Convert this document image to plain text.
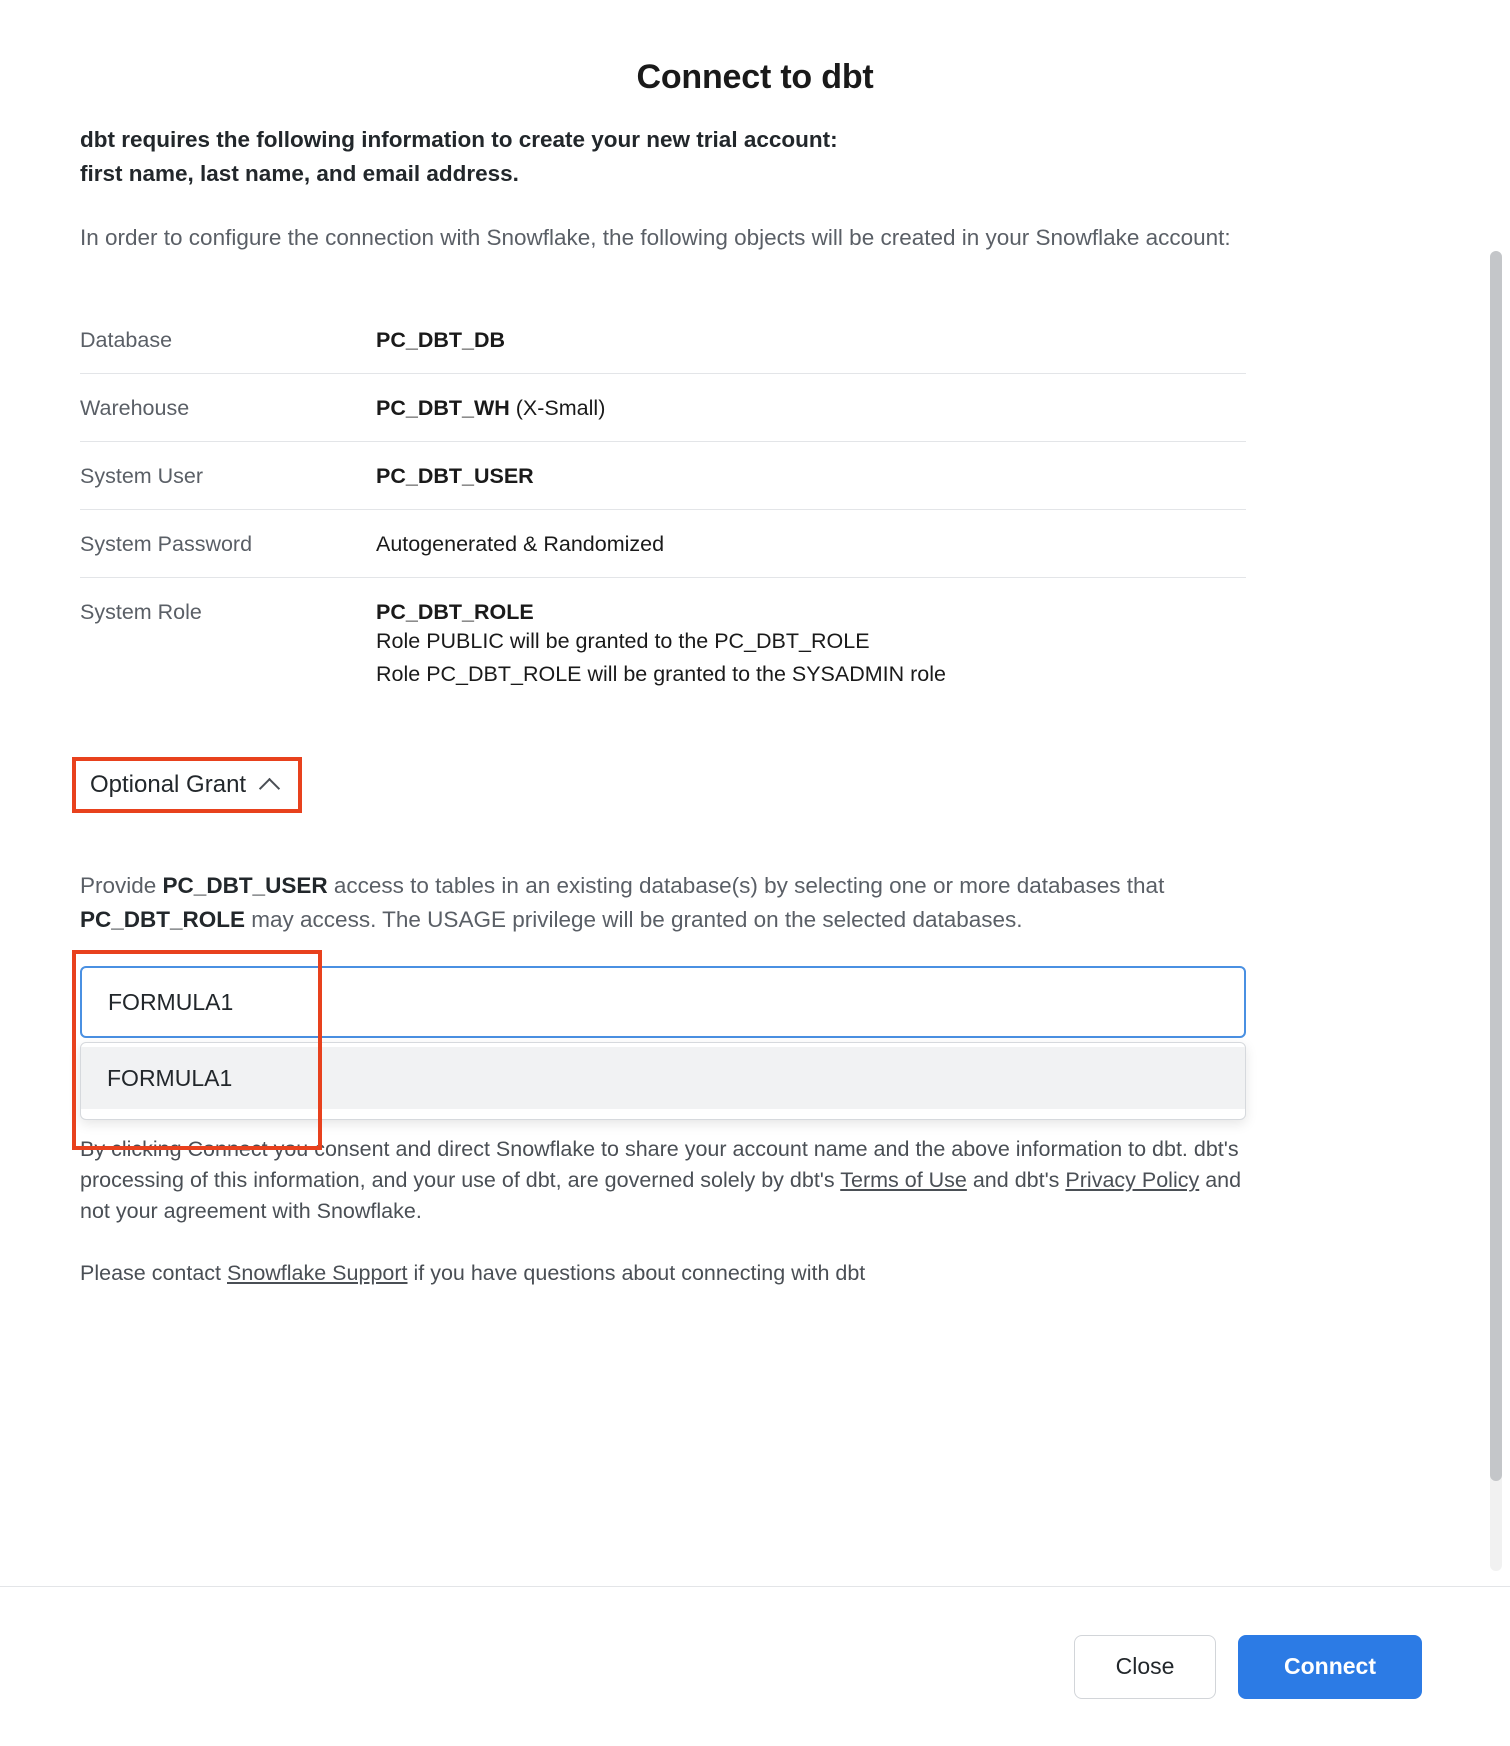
Connect to dbt
dbt requires the following information to create your new trial account:
first name, last name, and email address.
In order to configure the connection with Snowflake, the following objects will be created in your Snowflake account:
Database	PC_DBT_DB
Warehouse	PC_DBT_WH (X-Small)
System User	PC_DBT_USER
System Password	Autogenerated & Randomized
System Role	PC_DBT_ROLE
Role PUBLIC will be granted to the PC_DBT_ROLE
Role PC_DBT_ROLE will be granted to the SYSADMIN role
Optional Grant
Provide PC_DBT_USER access to tables in an existing database(s) by selecting one or more databases that PC_DBT_ROLE may access. The USAGE privilege will be granted on the selected databases.
FORMULA1
FORMULA1
By clicking Connect you consent and direct Snowflake to share your account name and the above information to dbt. dbt's processing of this information, and your use of dbt, are governed solely by dbt's Terms of Use and dbt's Privacy Policy and not your agreement with Snowflake.
Please contact Snowflake Support if you have questions about connecting with dbt
Close	Connect
